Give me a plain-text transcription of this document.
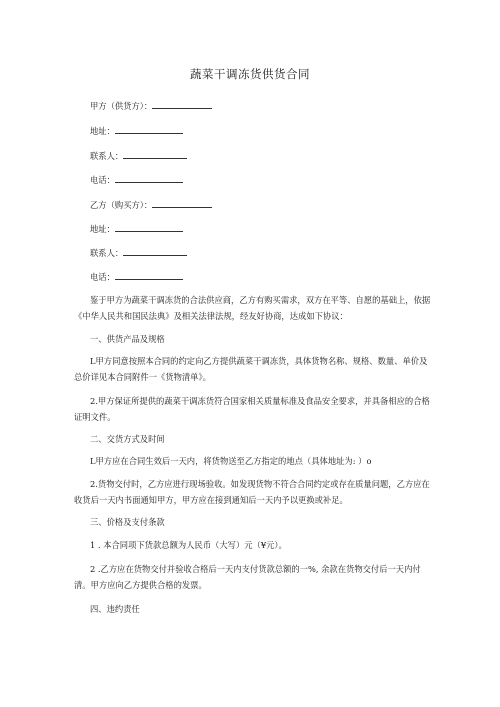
蔬菜干调冻货供货合同
甲方（供货方）：
地址：
联系人：
电话：
乙方（购买方）：
地址：
联系人：
电话：
鉴于甲方为蔬菜干调冻货的合法供应商，乙方有购买需求，双方在平等、自愿的基础上，依据《中华人民共和国民法典》及相关法律法规，经友好协商，达成如下协议：
一、供货产品及规格
L甲方同意按照本合同的约定向乙方提供蔬菜干调冻货，具体货物名称、规格、数量、单价及总价详见本合同附件一《货物清单》。
2.甲方保证所提供的蔬菜干调冻货符合国家相关质量标准及食品安全要求，并具备相应的合格证明文件。
二、交货方式及时间
L甲方应在合同生效后一天内，将货物送至乙方指定的地点（具体地址为: ）o
2.货物交付时，乙方应进行现场验收。如发现货物不符合合同约定或存在质量问题，乙方应在收货后一天内书面通知甲方，甲方应在接到通知后一天内予以更换或补足。
三、价格及支付条款
1 . 本合同项下货款总额为人民币（大写）元（¥元）。
2 .乙方应在货物交付并验收合格后一天内支付货款总额的一%, 余款在货物交付后一天内付清。甲方应向乙方提供合格的发票。
四、违约责任
